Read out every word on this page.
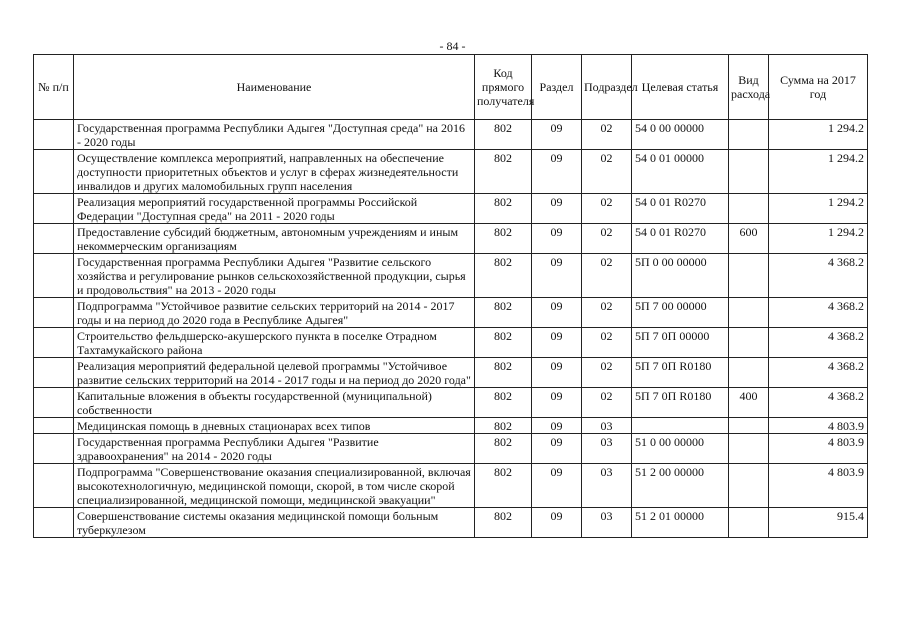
- 84 -
№ п/п	Наименование	Код прямого получателя	Раздел	Подраздел	Целевая статья	Вид расхода	Сумма на 2017 год
	Государственная программа Республики Адыгея "Доступная среда" на 2016 - 2020 годы	802	09	02	54 0 00 00000		1 294.2
	Осуществление комплекса мероприятий, направленных на обеспечение доступности приоритетных объектов и услуг в сферах жизнедеятельности инвалидов и других маломобильных групп населения	802	09	02	54 0 01 00000		1 294.2
	Реализация мероприятий государственной программы Российской Федерации "Доступная среда" на 2011 - 2020 годы	802	09	02	54 0 01 R0270		1 294.2
	Предоставление субсидий бюджетным, автономным учреждениям и иным некоммерческим организациям	802	09	02	54 0 01 R0270	600	1 294.2
	Государственная программа Республики Адыгея "Развитие сельского хозяйства и регулирование рынков сельскохозяйственной продукции, сырья и продовольствия" на 2013 - 2020 годы	802	09	02	5П 0 00 00000		4 368.2
	Подпрограмма "Устойчивое развитие сельских территорий на 2014 - 2017 годы и на период до 2020 года в Республике Адыгея"	802	09	02	5П 7 00 00000		4 368.2
	Строительство фельдшерско-акушерского пункта в поселке Отрадном Тахтамукайского района	802	09	02	5П 7 0П 00000		4 368.2
	Реализация мероприятий федеральной целевой программы "Устойчивое развитие сельских территорий на 2014 - 2017 годы и на период до 2020 года"	802	09	02	5П 7 0П R0180		4 368.2
	Капитальные вложения в объекты государственной (муниципальной) собственности	802	09	02	5П 7 0П R0180	400	4 368.2
	Медицинская помощь в дневных стационарах всех типов	802	09	03			4 803.9
	Государственная программа Республики Адыгея "Развитие здравоохранения" на 2014 - 2020 годы	802	09	03	51 0 00 00000		4 803.9
	Подпрограмма "Совершенствование оказания специализированной, включая высокотехнологичную, медицинской помощи, скорой, в том числе скорой специализированной, медицинской помощи, медицинской эвакуации"	802	09	03	51 2 00 00000		4 803.9
	Совершенствование системы оказания медицинской помощи больным туберкулезом	802	09	03	51 2 01 00000		915.4
